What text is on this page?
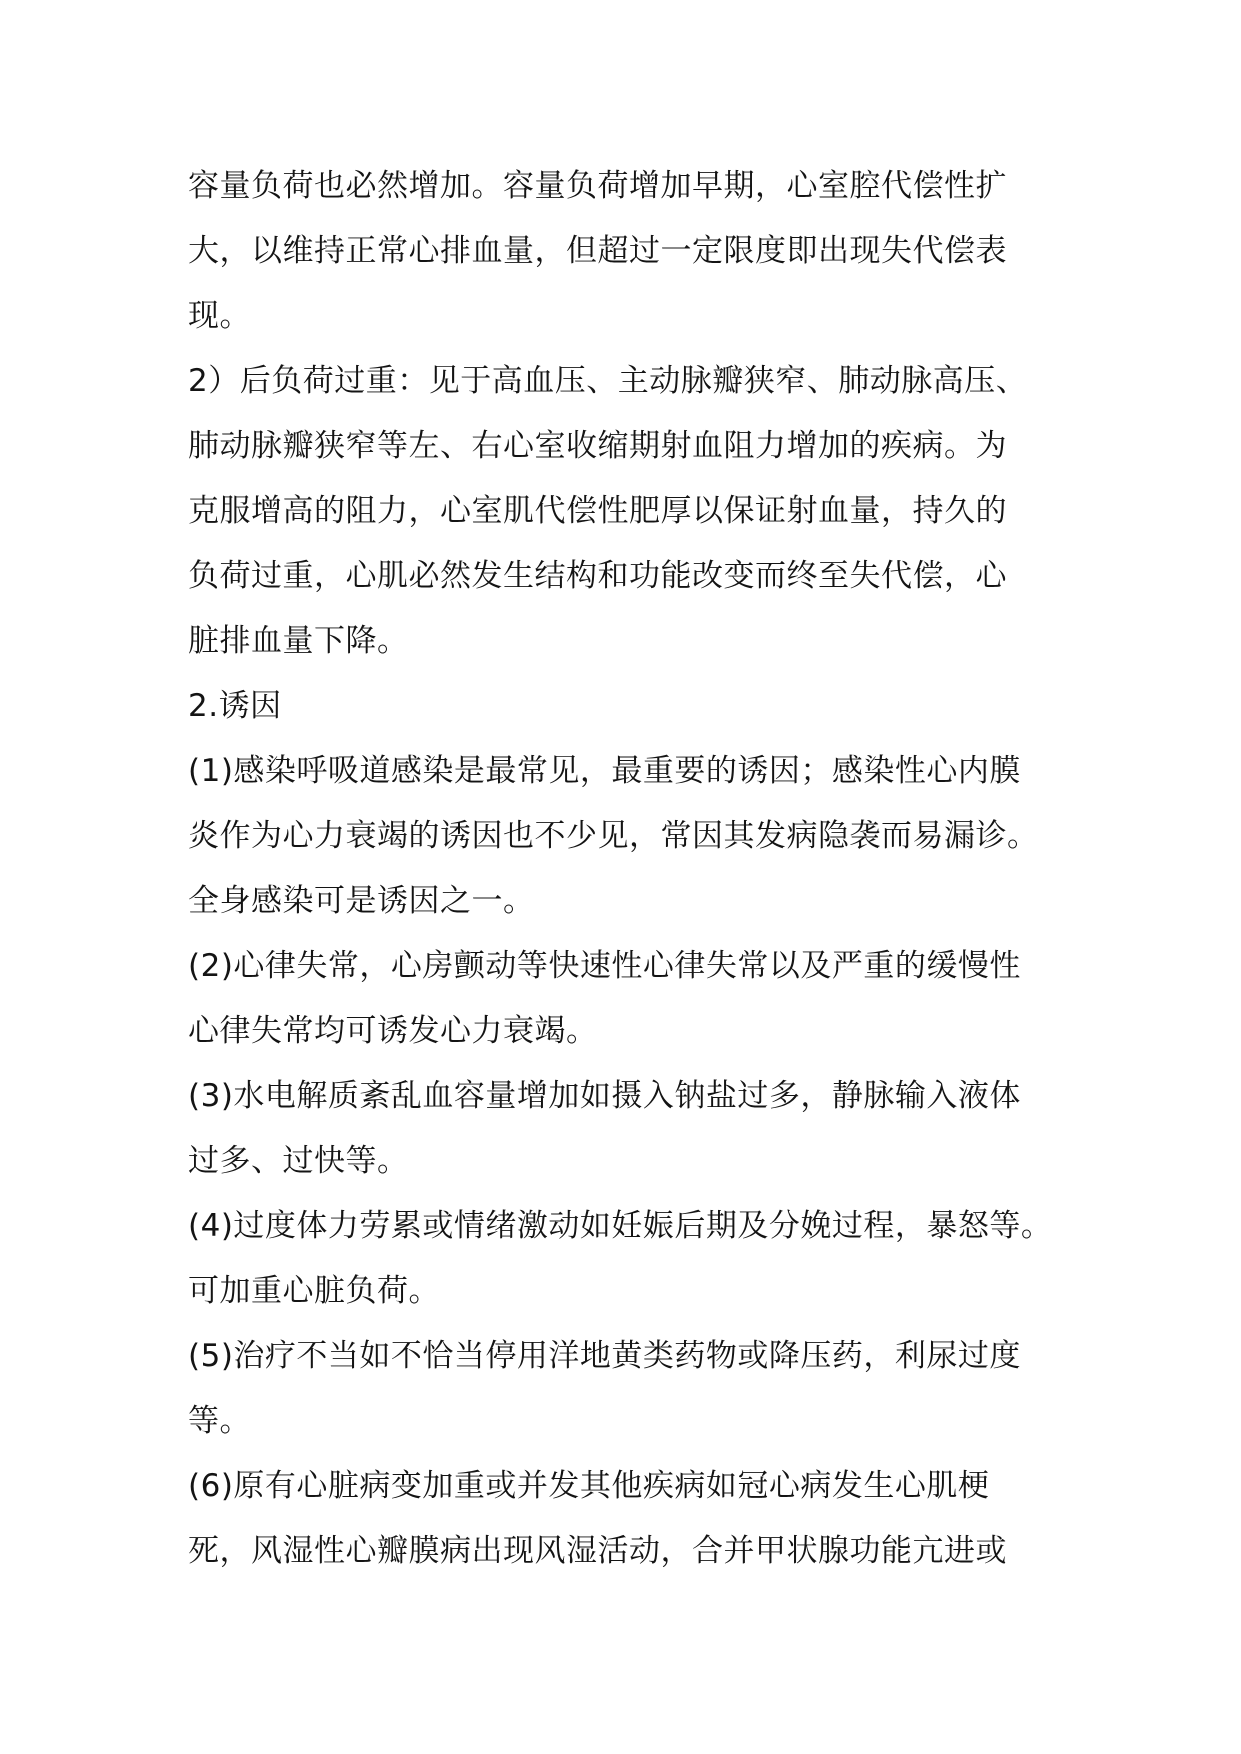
容量负荷也必然增加。容量负荷增加早期，心室腔代偿性扩
大，以维持正常心排血量，但超过一定限度即出现失代偿表
现。
2）后负荷过重：见于高血压、主动脉瓣狭窄、肺动脉高压、
肺动脉瓣狭窄等左、右心室收缩期射血阻力增加的疾病。为
克服增高的阻力，心室肌代偿性肥厚以保证射血量，持久的
负荷过重，心肌必然发生结构和功能改变而终至失代偿，心
脏排血量下降。
2.诱因
(1)感染呼吸道感染是最常见，最重要的诱因；感染性心内膜
炎作为心力衰竭的诱因也不少见，常因其发病隐袭而易漏诊。
全身感染可是诱因之一。
(2)心律失常，心房颤动等快速性心律失常以及严重的缓慢性
心律失常均可诱发心力衰竭。
(3)水电解质紊乱血容量增加如摄入钠盐过多，静脉输入液体
过多、过快等。
(4)过度体力劳累或情绪激动如妊娠后期及分娩过程，暴怒等。
可加重心脏负荷。
(5)治疗不当如不恰当停用洋地黄类药物或降压药，利尿过度
等。
(6)原有心脏病变加重或并发其他疾病如冠心病发生心肌梗
死，风湿性心瓣膜病出现风湿活动，合并甲状腺功能亢进或
